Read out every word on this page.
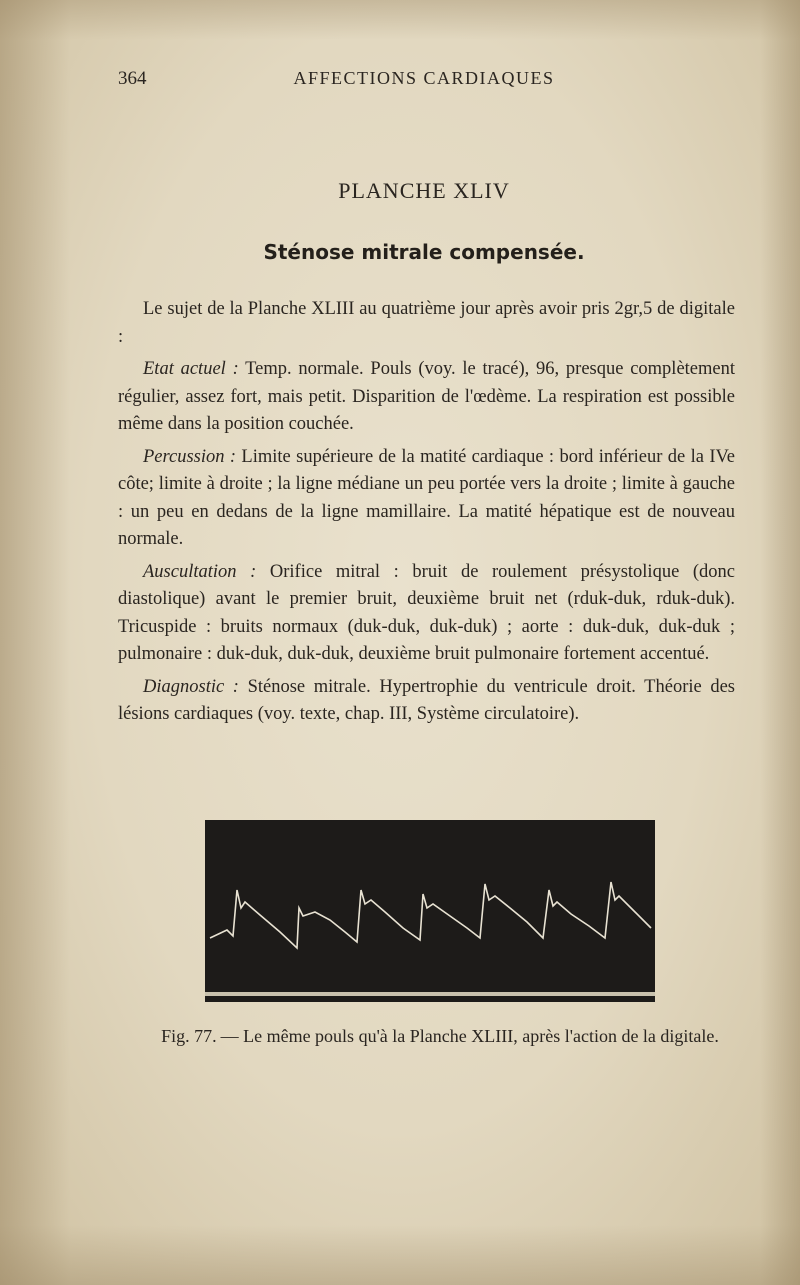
364	AFFECTIONS CARDIAQUES
PLANCHE XLIV
Sténose mitrale compensée.

Le sujet de la Planche XLIII au quatrième jour après avoir pris 2gr,5 de digitale :

Etat actuel : Temp. normale. Pouls (voy. le tracé), 96, presque complètement régulier, assez fort, mais petit. Disparition de l'œdème. La respiration est possible même dans la position couchée.

Percussion : Limite supérieure de la matité cardiaque : bord inférieur de la IVe côte; limite à droite ; la ligne médiane un peu portée vers la droite ; limite à gauche : un peu en dedans de la ligne mamillaire. La matité hépatique est de nouveau normale.

Auscultation : Orifice mitral : bruit de roulement présystolique (donc diastolique) avant le premier bruit, deuxième bruit net (rduk-duk, rduk-duk). Tricuspide : bruits normaux (duk-duk, duk-duk) ; aorte : duk-duk, duk-duk ; pulmonaire : duk-duk, duk-duk, deuxième bruit pulmonaire fortement accentué.

Diagnostic : Sténose mitrale. Hypertrophie du ventricule droit. Théorie des lésions cardiaques (voy. texte, chap. III, Système circulatoire).

Fig. 77. — Le même pouls qu'à la Planche XLIII, après l'action de la digitale.
